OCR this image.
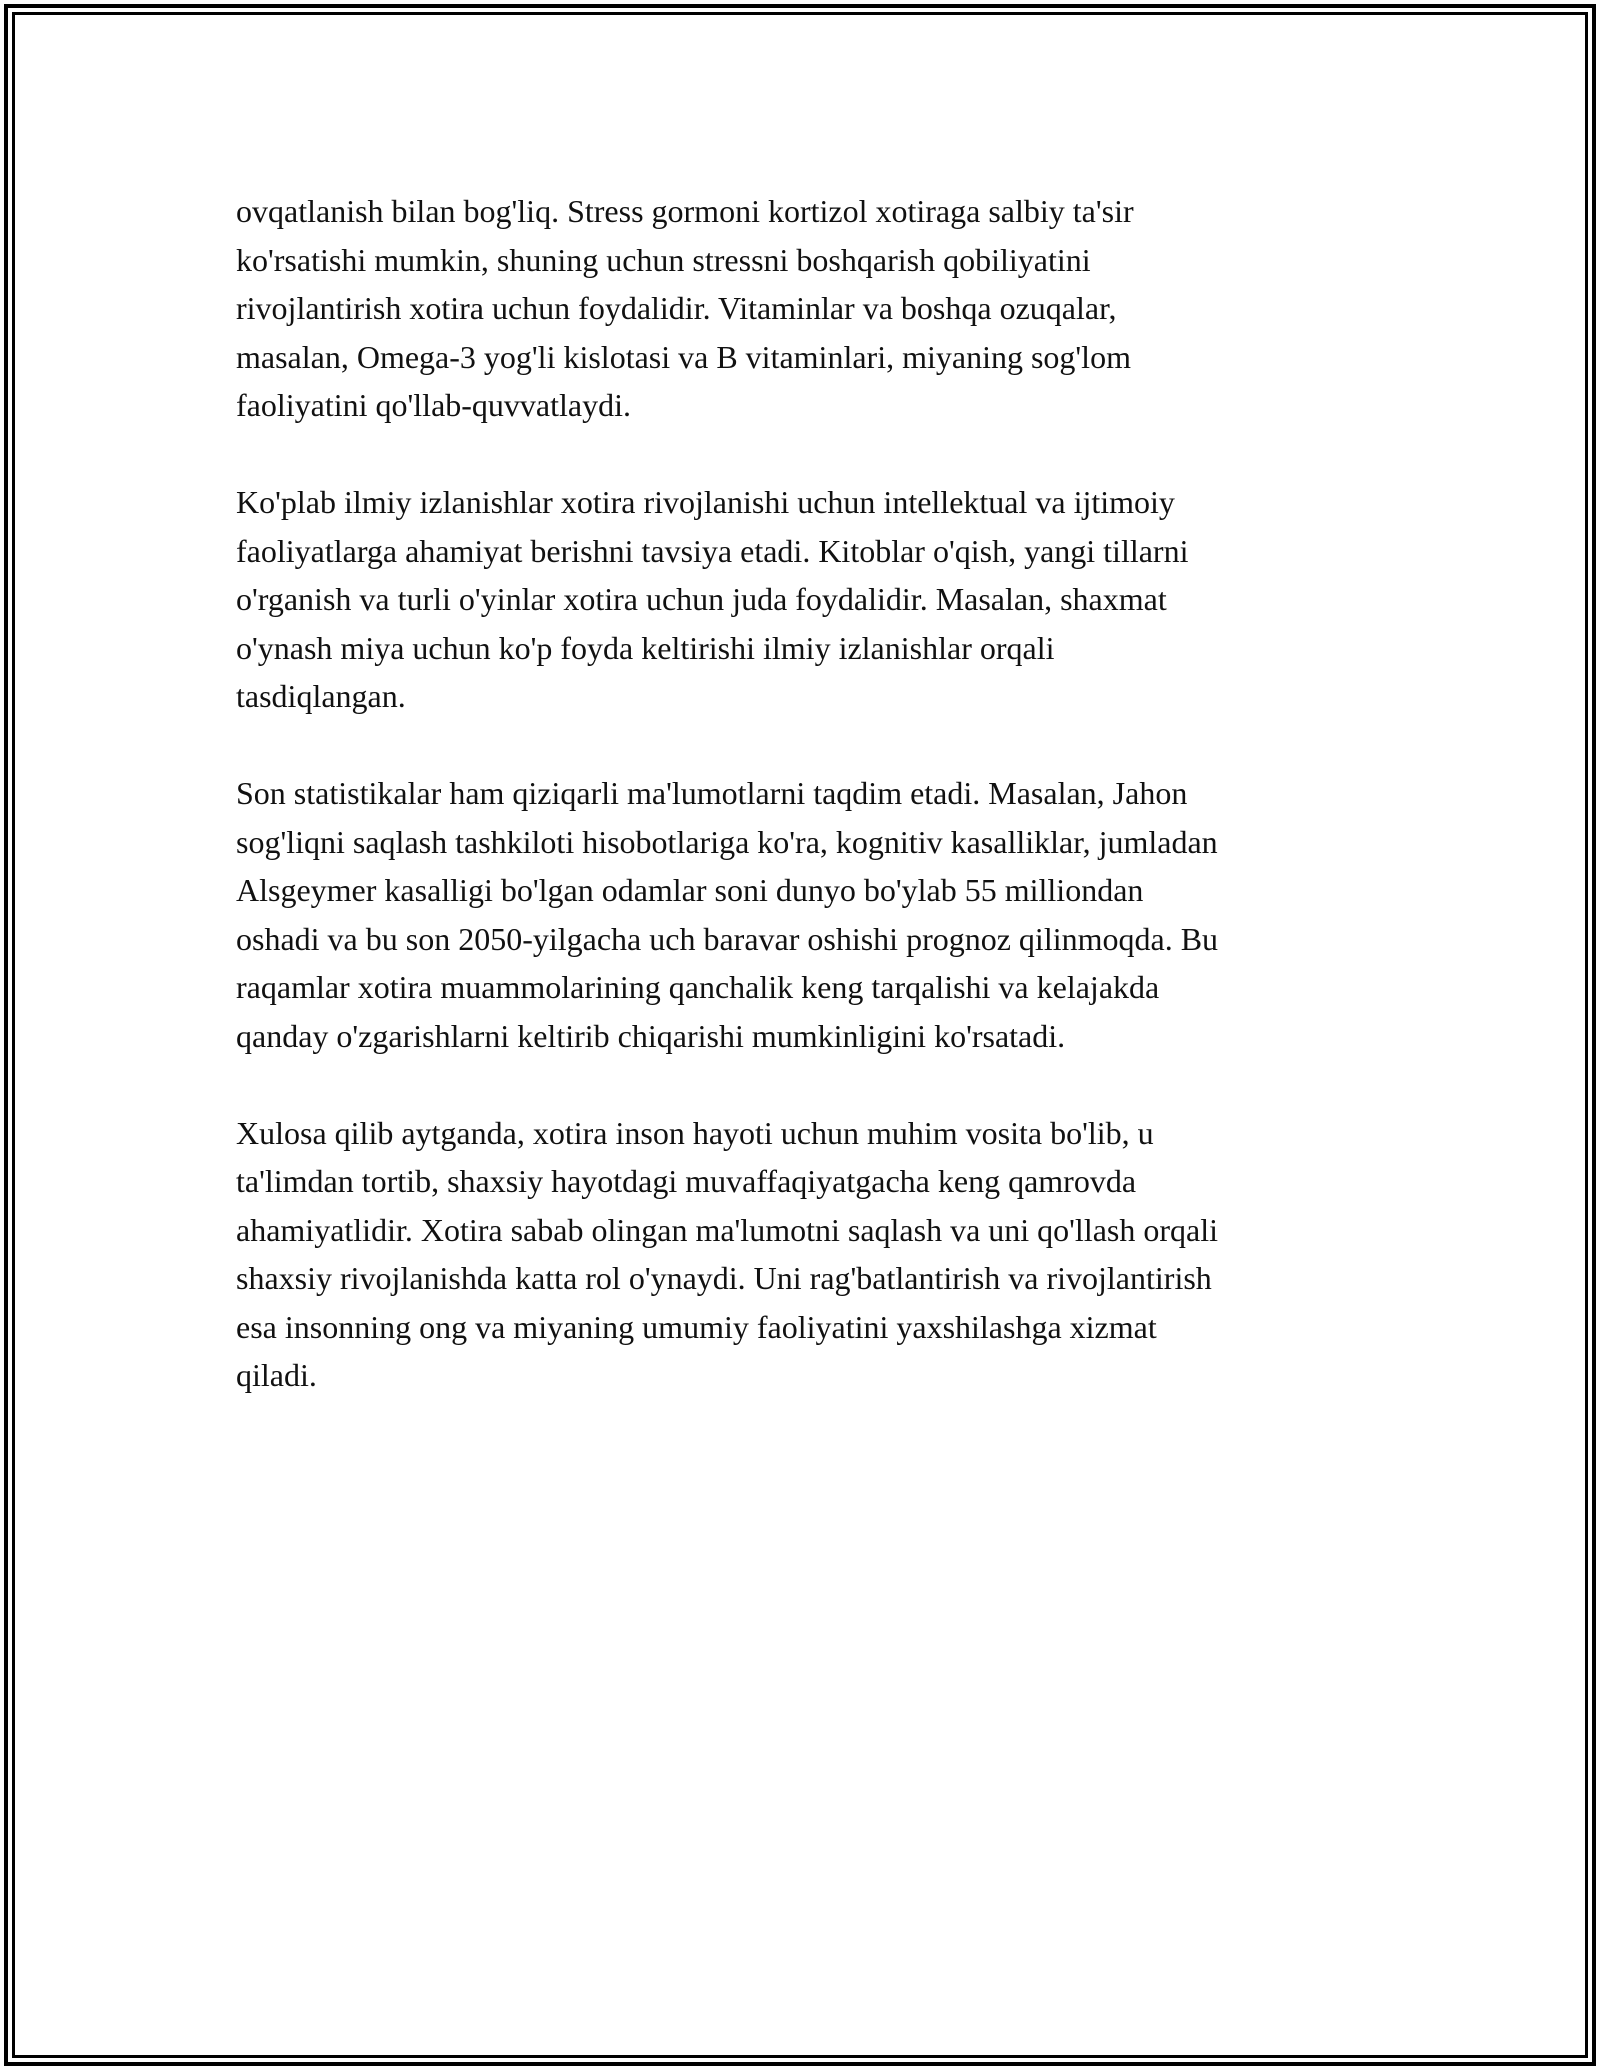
ovqatlanish bilan bog'liq. Stress gormoni kortizol xotiraga salbiy ta'sir
ko'rsatishi mumkin, shuning uchun stressni boshqarish qobiliyatini
rivojlantirish xotira uchun foydalidir. Vitaminlar va boshqa ozuqalar,
masalan, Omega-3 yog'li kislotasi va B vitaminlari, miyaning sog'lom
faoliyatini qo'llab-quvvatlaydi.
Ko'plab ilmiy izlanishlar xotira rivojlanishi uchun intellektual va ijtimoiy
faoliyatlarga ahamiyat berishni tavsiya etadi. Kitoblar o'qish, yangi tillarni
o'rganish va turli o'yinlar xotira uchun juda foydalidir. Masalan, shaxmat
o'ynash miya uchun ko'p foyda keltirishi ilmiy izlanishlar orqali
tasdiqlangan.
Son statistikalar ham qiziqarli ma'lumotlarni taqdim etadi. Masalan, Jahon
sog'liqni saqlash tashkiloti hisobotlariga ko'ra, kognitiv kasalliklar, jumladan
Alsgeymer kasalligi bo'lgan odamlar soni dunyo bo'ylab 55 milliondan
oshadi va bu son 2050-yilgacha uch baravar oshishi prognoz qilinmoqda. Bu
raqamlar xotira muammolarining qanchalik keng tarqalishi va kelajakda
qanday o'zgarishlarni keltirib chiqarishi mumkinligini ko'rsatadi.
Xulosa qilib aytganda, xotira inson hayoti uchun muhim vosita bo'lib, u
ta'limdan tortib, shaxsiy hayotdagi muvaffaqiyatgacha keng qamrovda
ahamiyatlidir. Xotira sabab olingan ma'lumotni saqlash va uni qo'llash orqali
shaxsiy rivojlanishda katta rol o'ynaydi. Uni rag'batlantirish va rivojlantirish
esa insonning ong va miyaning umumiy faoliyatini yaxshilashga xizmat
qiladi.
